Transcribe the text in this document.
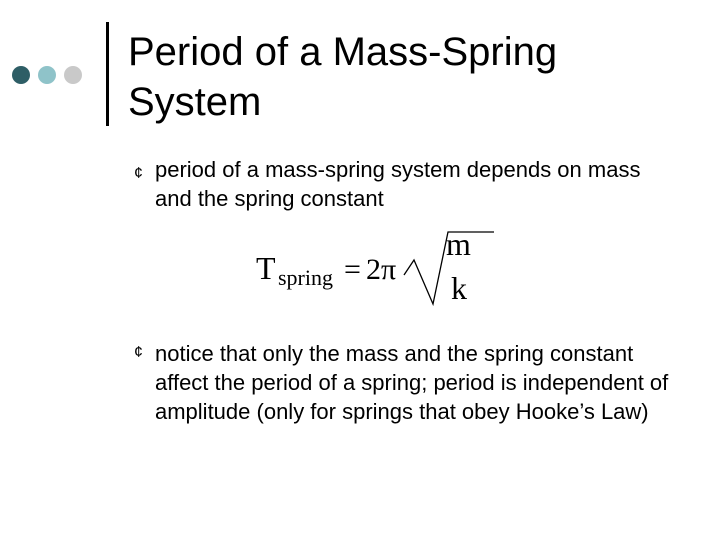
Period of a Mass-Spring System
¢ period of a mass-spring system depends on mass and the spring constant

T spring = 2π
m
k
¢ notice that only the mass and the spring constant affect the period of a spring; period is independent of amplitude (only for springs that obey Hooke’s Law)
